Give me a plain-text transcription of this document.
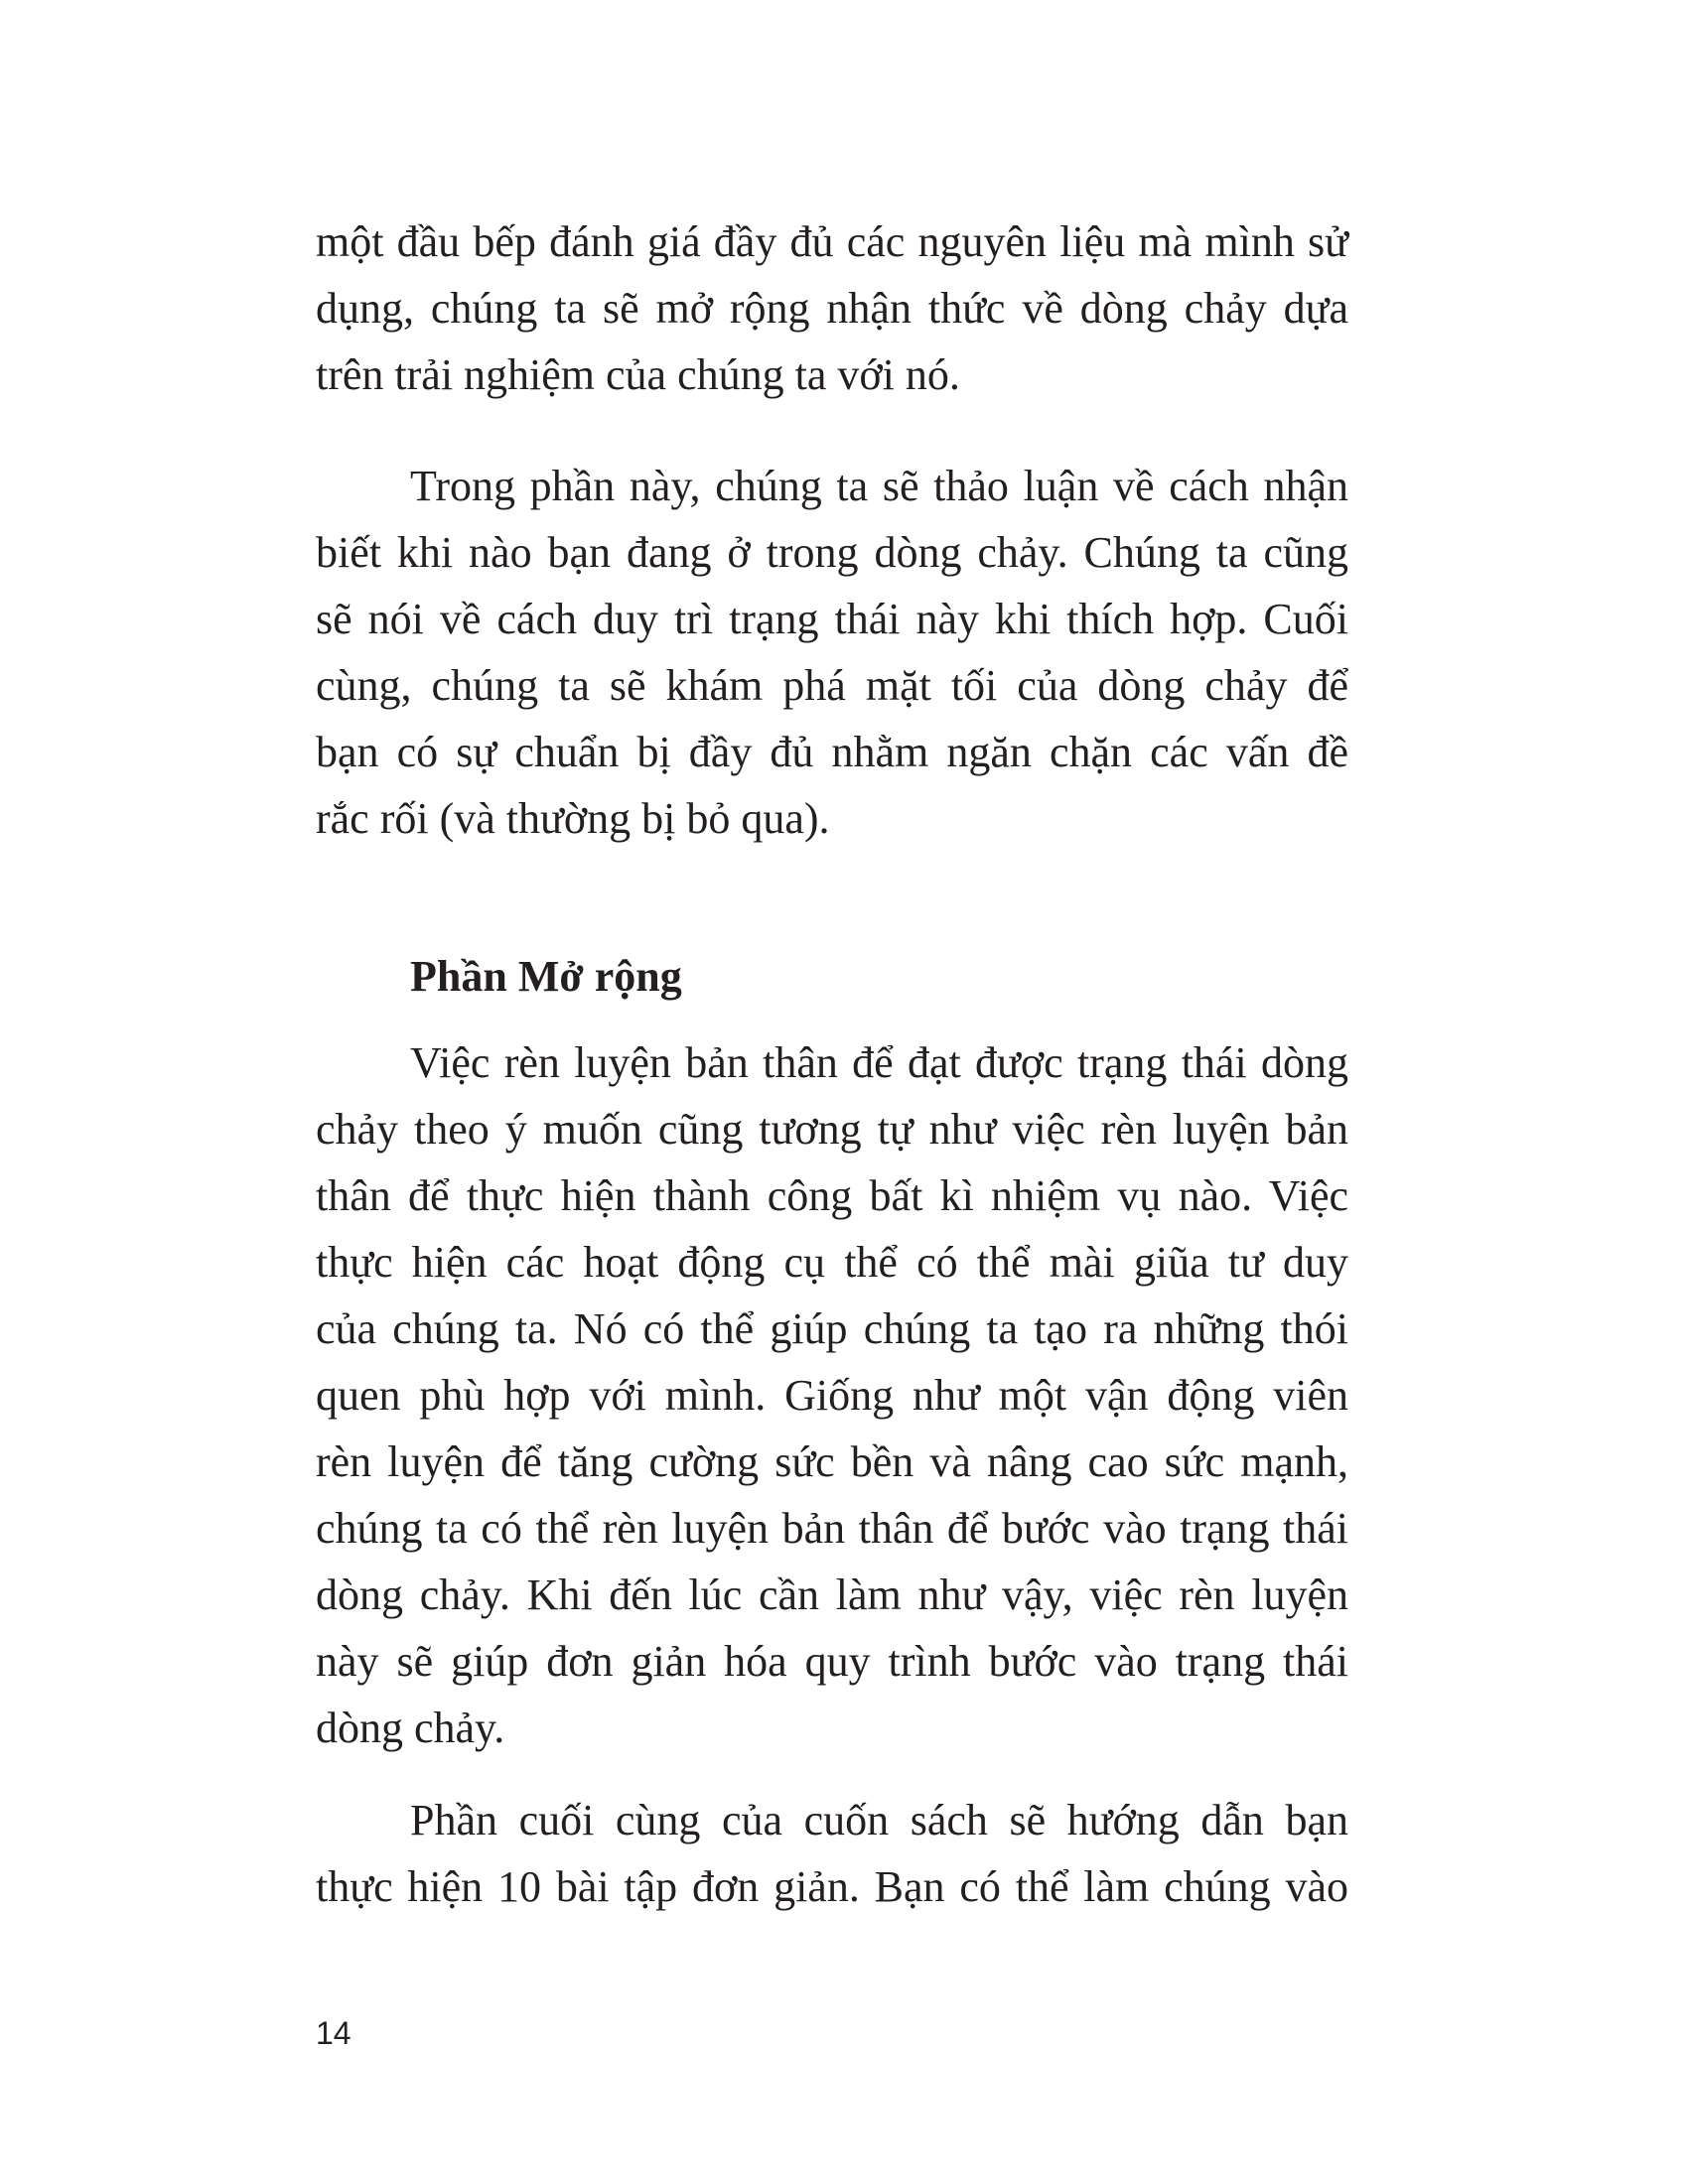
một đầu bếp đánh giá đầy đủ các nguyên liệu mà mình sử
dụng, chúng ta sẽ mở rộng nhận thức về dòng chảy dựa
trên trải nghiệm của chúng ta với nó.
Trong phần này, chúng ta sẽ thảo luận về cách nhận
biết khi nào bạn đang ở trong dòng chảy. Chúng ta cũng
sẽ nói về cách duy trì trạng thái này khi thích hợp. Cuối
cùng, chúng ta sẽ khám phá mặt tối của dòng chảy để
bạn có sự chuẩn bị đầy đủ nhằm ngăn chặn các vấn đề
rắc rối (và thường bị bỏ qua).
Phần Mở rộng
Việc rèn luyện bản thân để đạt được trạng thái dòng
chảy theo ý muốn cũng tương tự như việc rèn luyện bản
thân để thực hiện thành công bất kì nhiệm vụ nào. Việc
thực hiện các hoạt động cụ thể có thể mài giũa tư duy
của chúng ta. Nó có thể giúp chúng ta tạo ra những thói
quen phù hợp với mình. Giống như một vận động viên
rèn luyện để tăng cường sức bền và nâng cao sức mạnh,
chúng ta có thể rèn luyện bản thân để bước vào trạng thái
dòng chảy. Khi đến lúc cần làm như vậy, việc rèn luyện
này sẽ giúp đơn giản hóa quy trình bước vào trạng thái
dòng chảy.
Phần cuối cùng của cuốn sách sẽ hướng dẫn bạn
thực hiện 10 bài tập đơn giản. Bạn có thể làm chúng vào
14
